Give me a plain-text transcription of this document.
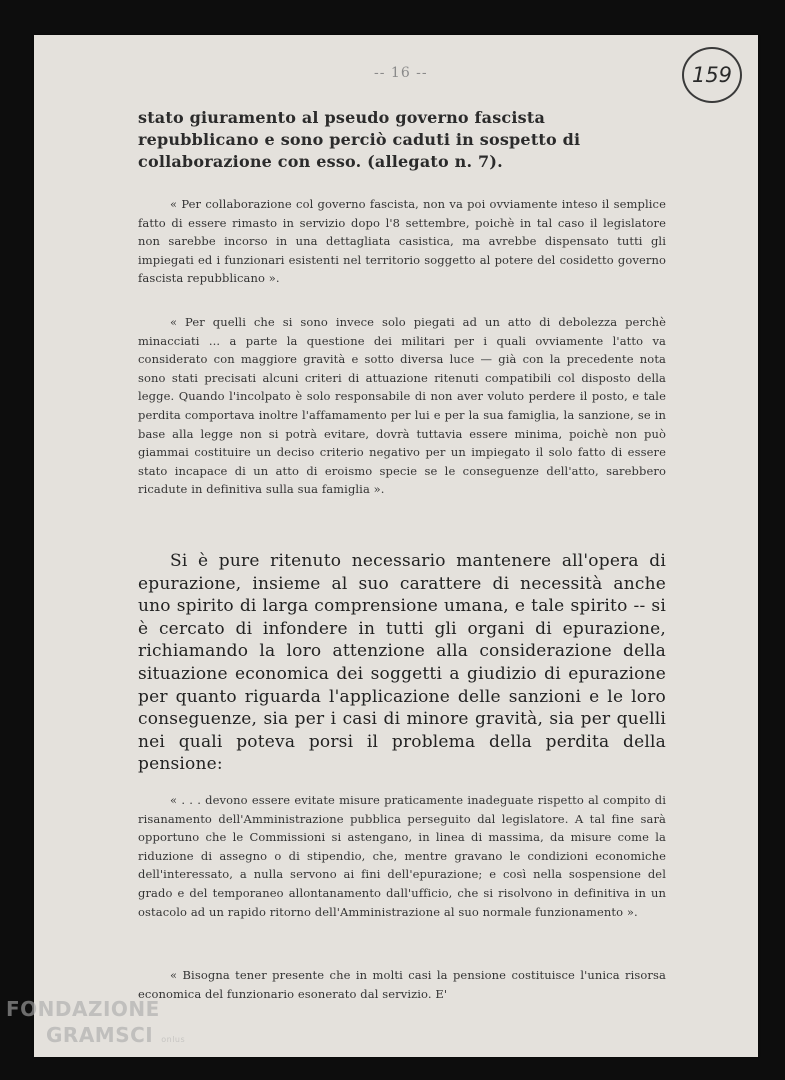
-- 16 --	159

stato giuramento al pseudo governo fascista repubblicano e sono perciò caduti in sospetto di collaborazione con esso. (allegato n. 7).

« Per collaborazione col governo fascista, non va poi ovviamente inteso il semplice fatto di essere rimasto in servizio dopo l'8 settembre, poichè in tal caso il legislatore non sarebbe incorso in una dettagliata casistica, ma avrebbe dispensato tutti gli impiegati ed i funzionari esistenti nel territorio soggetto al potere del cosidetto governo fascista repubblicano ».

« Per quelli che si sono invece solo piegati ad un atto di debolezza perchè minacciati ... a parte la questione dei militari per i quali ovviamente l'atto va considerato con maggiore gravità e sotto diversa luce — già con la precedente nota sono stati precisati alcuni criteri di attuazione ritenuti compatibili col disposto della legge. Quando l'incolpato è solo responsabile di non aver voluto perdere il posto, e tale perdita comportava inoltre l'affamamento per lui e per la sua famiglia, la sanzione, se in base alla legge non si potrà evitare, dovrà tuttavia essere minima, poichè non può giammai costituire un deciso criterio negativo per un impiegato il solo fatto di essere stato incapace di un atto di eroismo specie se le conseguenze dell'atto, sarebbero ricadute in definitiva sulla sua famiglia ».

Si è pure ritenuto necessario mantenere all'opera di epurazione, insieme al suo carattere di necessità anche uno spirito di larga comprensione umana, e tale spirito -- si è cercato di infondere in tutti gli organi di epurazione, richiamando la loro attenzione alla considerazione della situazione economica dei soggetti a giudizio di epurazione per quanto riguarda l'applicazione delle sanzioni e le loro conseguenze, sia per i casi di minore gravità, sia per quelli nei quali poteva porsi il problema della perdita della pensione:

« . . . devono essere evitate misure praticamente inadeguate rispetto al compito di risanamento dell'Amministrazione pubblica perseguito dal legislatore. A tal fine sarà opportuno che le Commissioni si astengano, in linea di massima, da misure come la riduzione di assegno o di stipendio, che, mentre gravano le condizioni economiche dell'interessato, a nulla servono ai fini dell'epurazione; e così nella sospensione del grado e del temporaneo allontanamento dall'ufficio, che si risolvono in definitiva in un ostacolo ad un rapido ritorno dell'Amministrazione al suo normale funzionamento ».

« Bisogna tener presente che in molti casi la pensione costituisce l'unica risorsa economica del funzionario esonerato dal servizio. E'

FONDAZIONE
GRAMSCI onlus
